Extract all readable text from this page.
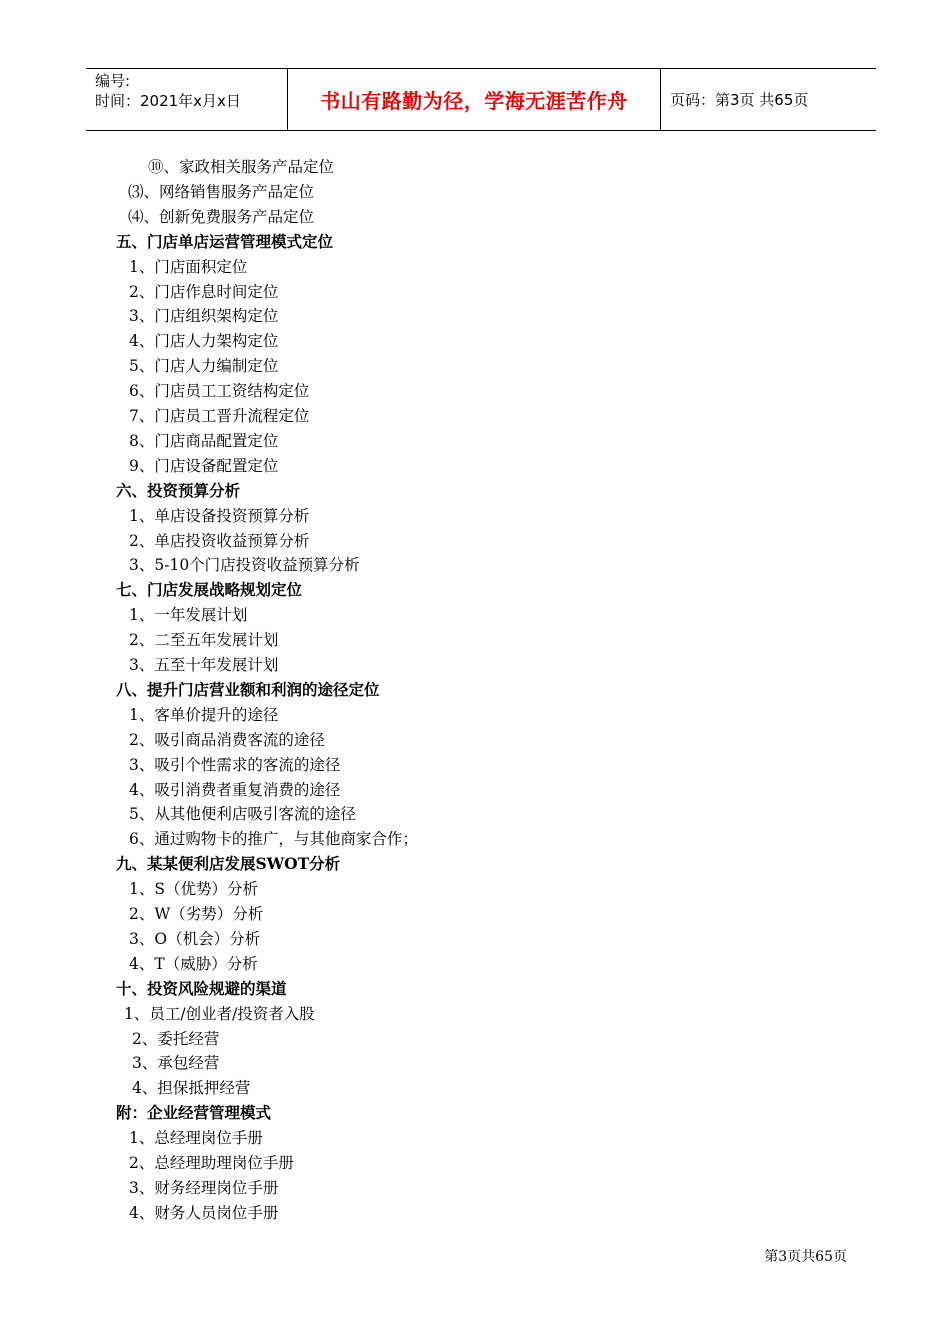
编号:
时间：2021年x月x日	书山有路勤为径，学海无涯苦作舟	页码：第3页 共65页
⑩、家政相关服务产品定位
⑶、网络销售服务产品定位
⑷、创新免费服务产品定位
五、门店单店运营管理模式定位
1、门店面积定位
2、门店作息时间定位
3、门店组织架构定位
4、门店人力架构定位
5、门店人力编制定位
6、门店员工工资结构定位
7、门店员工晋升流程定位
8、门店商品配置定位
9、门店设备配置定位
六、投资预算分析
1、单店设备投资预算分析
2、单店投资收益预算分析
3、5-10个门店投资收益预算分析
七、门店发展战略规划定位
1、一年发展计划
2、二至五年发展计划
3、五至十年发展计划
八、提升门店营业额和利润的途径定位
1、客单价提升的途径
2、吸引商品消费客流的途径
3、吸引个性需求的客流的途径
4、吸引消费者重复消费的途径
5、从其他便利店吸引客流的途径
6、通过购物卡的推广，与其他商家合作；
九、某某便利店发展SWOT分析
1、S（优势）分析
2、W（劣势）分析
3、O（机会）分析
4、T（威胁）分析
十、投资风险规避的渠道
1、员工/创业者/投资者入股
2、委托经营
3、承包经营
4、担保抵押经营
附：企业经营管理模式
1、总经理岗位手册
2、总经理助理岗位手册
3、财务经理岗位手册
4、财务人员岗位手册
第3页共65页
